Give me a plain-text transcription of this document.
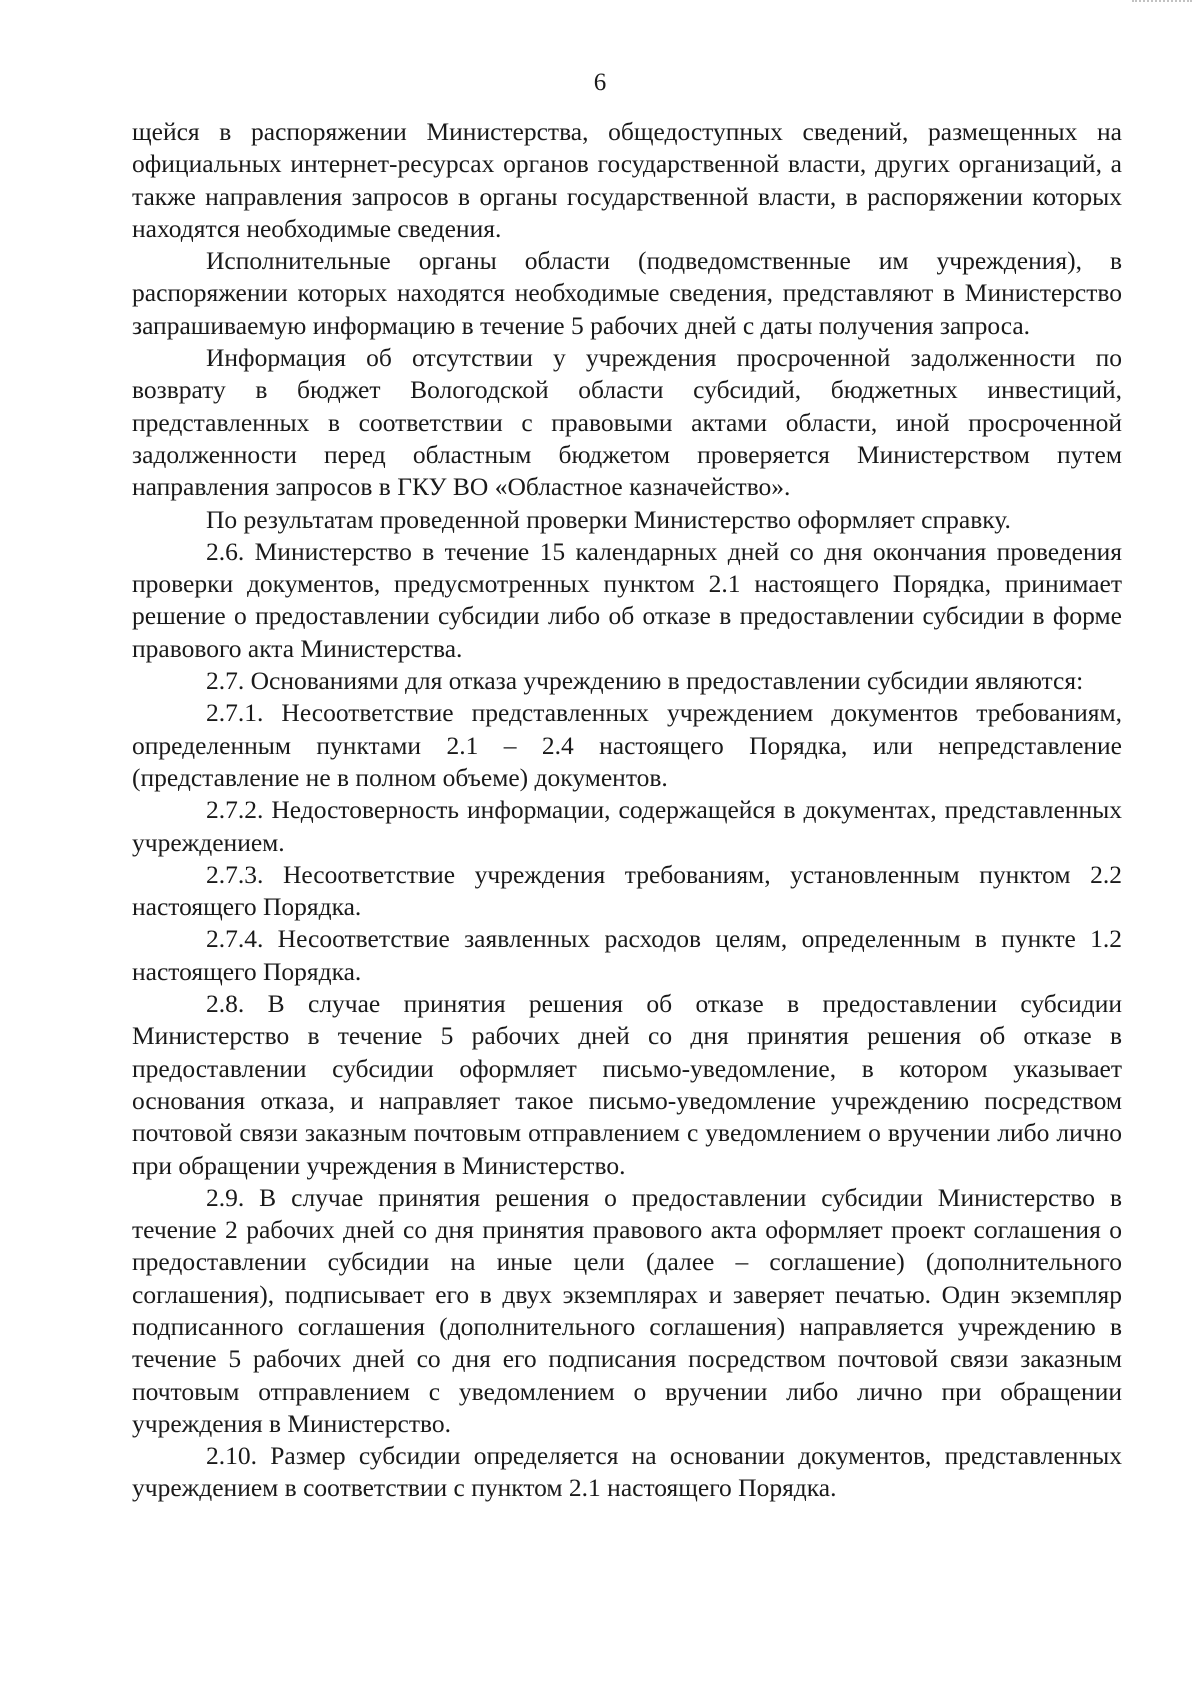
6

щейся в распоряжении Министерства, общедоступных сведений, размещенных на официальных интернет-ресурсах органов государственной власти, других организаций, а также направления запросов в органы государственной власти, в распоряжении которых находятся необходимые сведения.

Исполнительные органы области (подведомственные им учреждения), в распоряжении которых находятся необходимые сведения, представляют в Министерство запрашиваемую информацию в течение 5 рабочих дней с даты получения запроса.

Информация об отсутствии у учреждения просроченной задолженности по возврату в бюджет Вологодской области субсидий, бюджетных инвестиций, представленных в соответствии с правовыми актами области, иной просроченной задолженности перед областным бюджетом проверяется Министерством путем направления запросов в ГКУ ВО «Областное казначейство».

По результатам проведенной проверки Министерство оформляет справку.

2.6. Министерство в течение 15 календарных дней со дня окончания проведения проверки документов, предусмотренных пунктом 2.1 настоящего Порядка, принимает решение о предоставлении субсидии либо об отказе в предоставлении субсидии в форме правового акта Министерства.

2.7. Основаниями для отказа учреждению в предоставлении субсидии являются:

2.7.1. Несоответствие представленных учреждением документов требованиям, определенным пунктами 2.1 – 2.4 настоящего Порядка, или непредставление (представление не в полном объеме) документов.

2.7.2. Недостоверность информации, содержащейся в документах, представленных учреждением.

2.7.3. Несоответствие учреждения требованиям, установленным пунктом 2.2 настоящего Порядка.

2.7.4. Несоответствие заявленных расходов целям, определенным в пункте 1.2 настоящего Порядка.

2.8. В случае принятия решения об отказе в предоставлении субсидии Министерство в течение 5 рабочих дней со дня принятия решения об отказе в предоставлении субсидии оформляет письмо-уведомление, в котором указывает основания отказа, и направляет такое письмо-уведомление учреждению посредством почтовой связи заказным почтовым отправлением с уведомлением о вручении либо лично при обращении учреждения в Министерство.

2.9. В случае принятия решения о предоставлении субсидии Министерство в течение 2 рабочих дней со дня принятия правового акта оформляет проект соглашения о предоставлении субсидии на иные цели (далее – соглашение) (дополнительного соглашения), подписывает его в двух экземплярах и заверяет печатью. Один экземпляр подписанного соглашения (дополнительного соглашения) направляется учреждению в течение 5 рабочих дней со дня его подписания посредством почтовой связи заказным почтовым отправлением с уведомлением о вручении либо лично при обращении учреждения в Министерство.

2.10. Размер субсидии определяется на основании документов, представленных учреждением в соответствии с пунктом 2.1 настоящего Порядка.
